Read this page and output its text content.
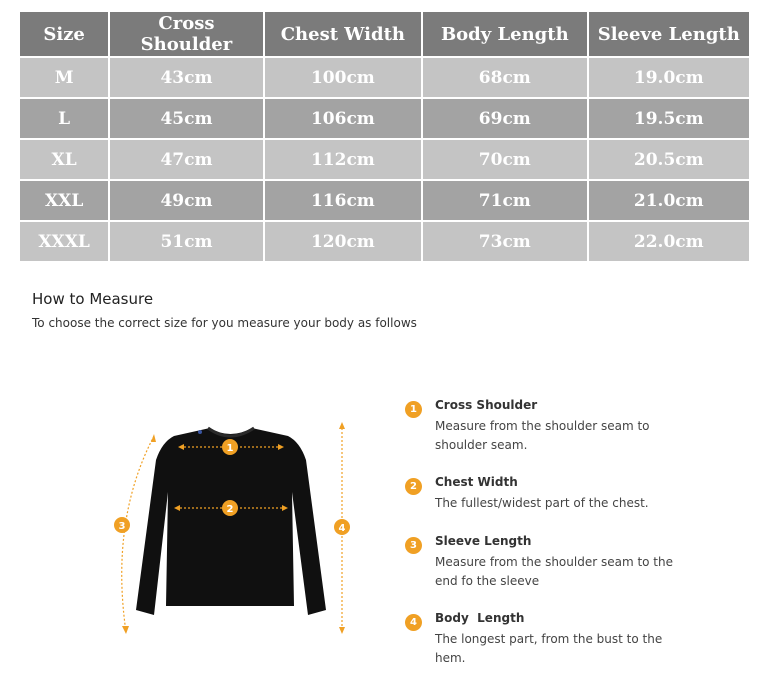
Size	Cross Shoulder	Chest Width	Body Length	Sleeve Length
M	43cm	100cm	68cm	19.0cm
L	45cm	106cm	69cm	19.5cm
XL	47cm	112cm	70cm	20.5cm
XXL	49cm	116cm	71cm	21.0cm
XXXL	51cm	120cm	73cm	22.0cm
How to Measure
To choose the correct size for you measure your body as follows
1
2
3	4
1	Cross Shoulder
Measure from the shoulder seam to shoulder seam.
2	Chest Width
The fullest/widest part of the chest.
3	Sleeve Length
Measure from the shoulder seam to the end fo the sleeve
4	Body  Length
The longest part, from the bust to the hem.
